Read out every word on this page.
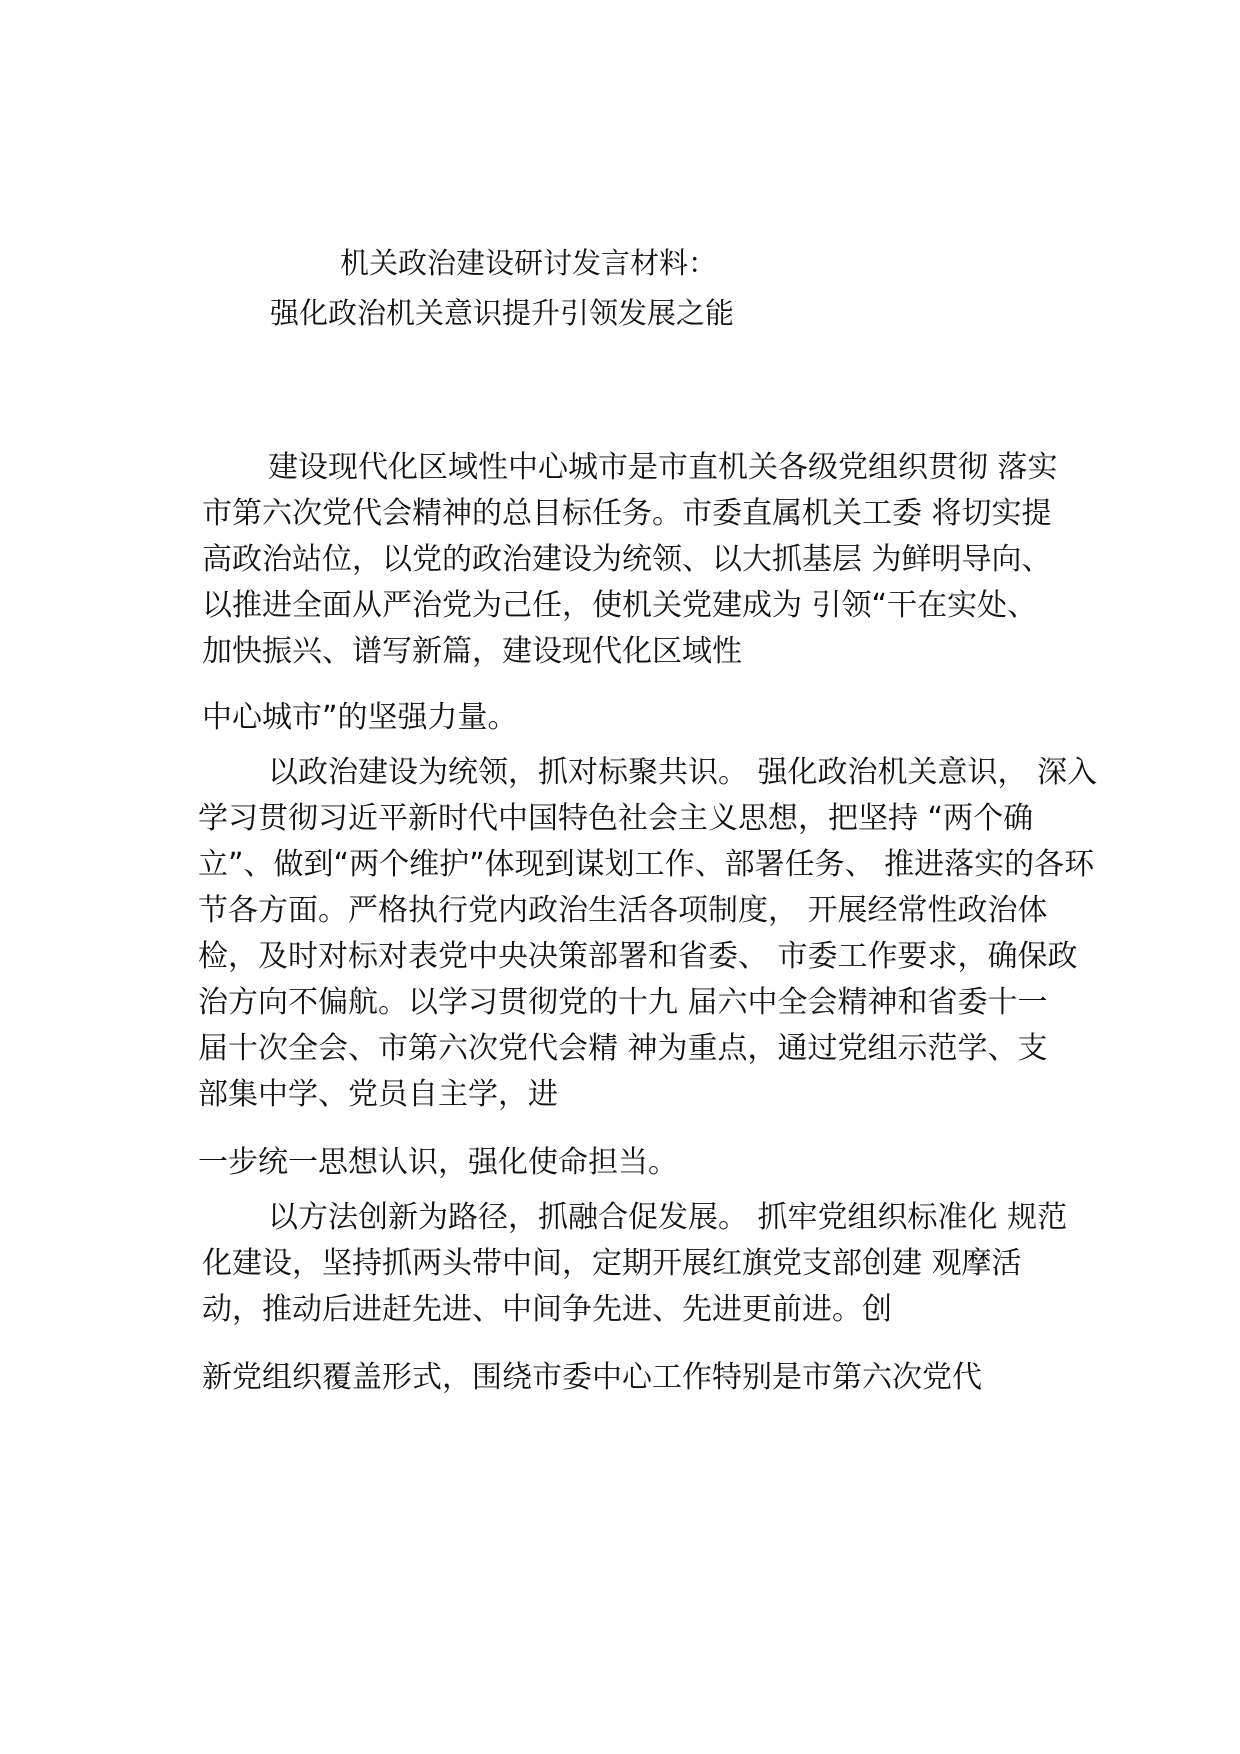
机关政治建设研讨发言材料：
强化政治机关意识提升引领发展之能
建设现代化区域性中心城市是市直机关各级党组织贯彻 落实
市第六次党代会精神的总目标任务。市委直属机关工委 将切实提
高政治站位，以党的政治建设为统领、以大抓基层 为鲜明导向、
以推进全面从严治党为己任，使机关党建成为 引领“干在实处、
加快振兴、谱写新篇，建设现代化区域性
中心城市”的坚强力量。
以政治建设为统领，抓对标聚共识。 强化政治机关意识， 深入
学习贯彻习近平新时代中国特色社会主义思想，把坚持 “两个确
立”、做到“两个维护”体现到谋划工作、部署任务、 推进落实的各环
节各方面。严格执行党内政治生活各项制度， 开展经常性政治体
检，及时对标对表党中央决策部署和省委、 市委工作要求，确保政
治方向不偏航。以学习贯彻党的十九 届六中全会精神和省委十一
届十次全会、市第六次党代会精 神为重点，通过党组示范学、支
部集中学、党员自主学，进
一步统一思想认识，强化使命担当。
以方法创新为路径，抓融合促发展。 抓牢党组织标准化 规范
化建设，坚持抓两头带中间，定期开展红旗党支部创建 观摩活
动，推动后进赶先进、中间争先进、先进更前进。创
新党组织覆盖形式，围绕市委中心工作特别是市第六次党代
